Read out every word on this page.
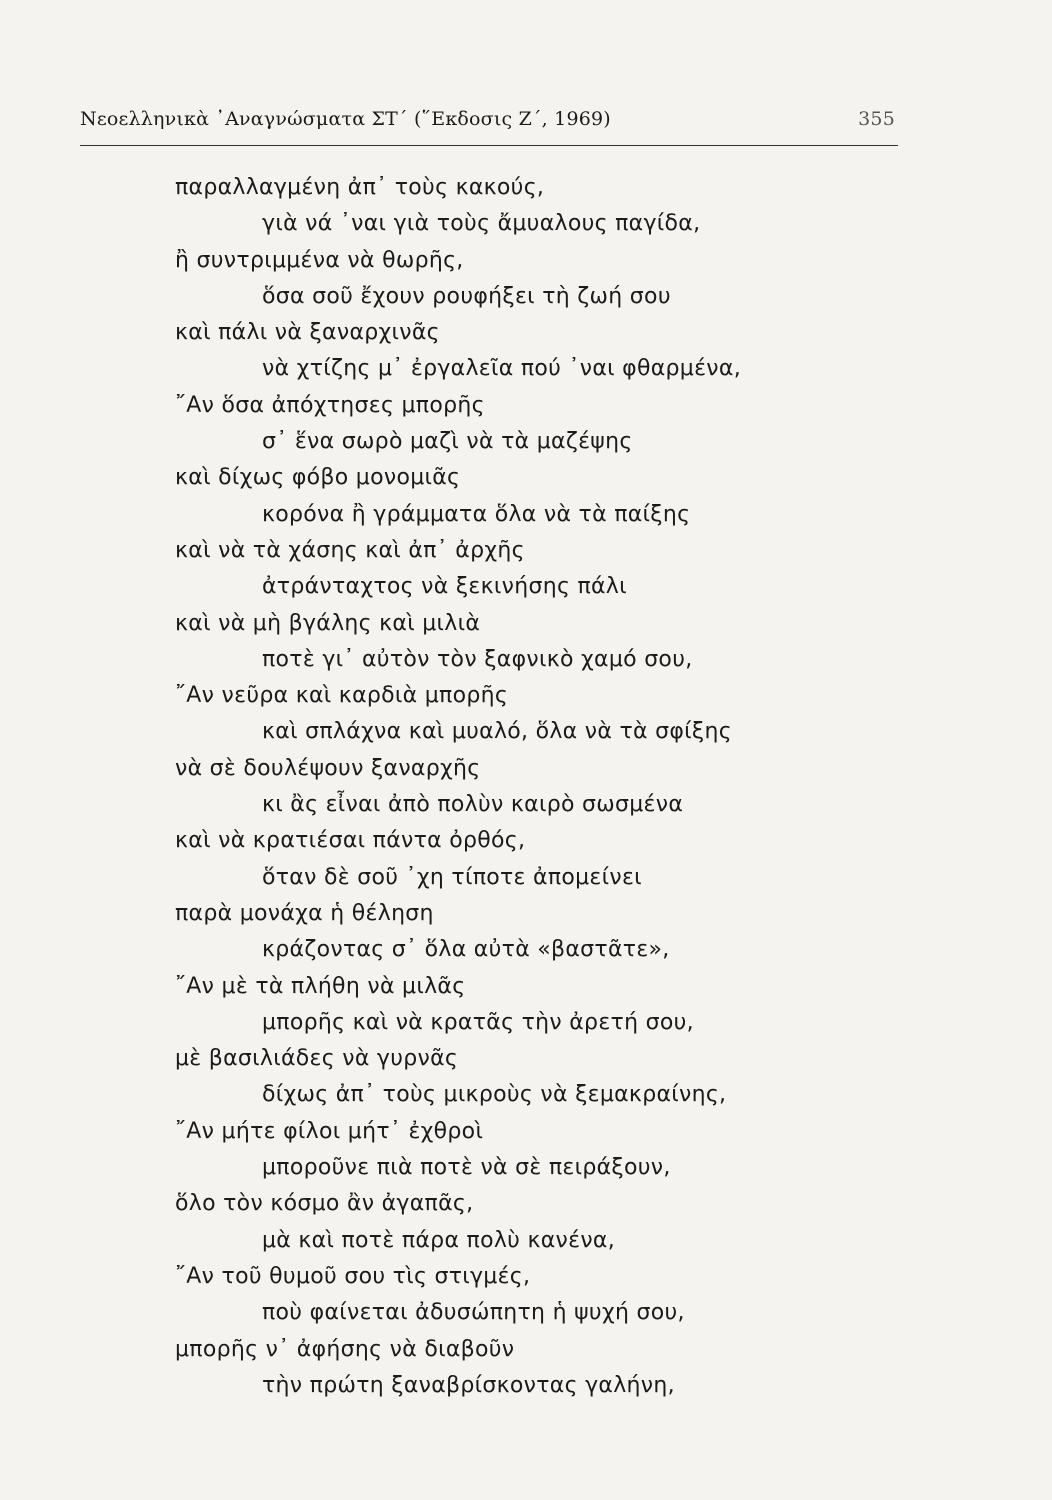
Νεοελληνικὰ ᾿Αναγνώσματα ΣΤ΄ (῞Εκδοσις Ζ΄, 1969)	355
παραλλαγμένη ἀπ᾿ τοὺς κακούς,
γιὰ νά ᾿ναι γιὰ τοὺς ἄμυαλους παγίδα,
ἢ συντριμμένα νὰ θωρῆς,
ὅσα σοῦ ἔχουν ρουφήξει τὴ ζωή σου
καὶ πάλι νὰ ξαναρχινᾶς
νὰ χτίζης μ᾿ ἐργαλεῖα πού ᾿ναι φθαρμένα,
῎Αν ὅσα ἀπόχτησες μπορῆς
σ᾿ ἕνα σωρὸ μαζὶ νὰ τὰ μαζέψης
καὶ δίχως φόβο μονομιᾶς
κορόνα ἢ γράμματα ὅλα νὰ τὰ παίξης
καὶ νὰ τὰ χάσης καὶ ἀπ᾿ ἀρχῆς
ἀτράνταχτος νὰ ξεκινήσης πάλι
καὶ νὰ μὴ βγάλης καὶ μιλιὰ
ποτὲ γι᾿ αὐτὸν τὸν ξαφνικὸ χαμό σου,
῎Αν νεῦρα καὶ καρδιὰ μπορῆς
καὶ σπλάχνα καὶ μυαλό, ὅλα νὰ τὰ σφίξης
νὰ σὲ δουλέψουν ξαναρχῆς
κι ἂς εἶναι ἀπὸ πολὺν καιρὸ σωσμένα
καὶ νὰ κρατιέσαι πάντα ὀρθός,
ὅταν δὲ σοῦ ᾿χη τίποτε ἀπομείνει
παρὰ μονάχα ἡ θέληση
κράζοντας σ᾿ ὅλα αὐτὰ «βαστᾶτε»,
῎Αν μὲ τὰ πλήθη νὰ μιλᾶς
μπορῆς καὶ νὰ κρατᾶς τὴν ἀρετή σου,
μὲ βασιλιάδες νὰ γυρνᾶς
δίχως ἀπ᾿ τοὺς μικροὺς νὰ ξεμακραίνης,
῎Αν μήτε φίλοι μήτ᾿ ἐχθροὶ
μποροῦνε πιὰ ποτὲ νὰ σὲ πειράξουν,
ὅλο τὸν κόσμο ἂν ἀγαπᾶς,
μὰ καὶ ποτὲ πάρα πολὺ κανένα,
῎Αν τοῦ θυμοῦ σου τὶς στιγμές,
ποὺ φαίνεται ἀδυσώπητη ἡ ψυχή σου,
μπορῆς ν᾿ ἀφήσης νὰ διαβοῦν
τὴν πρώτη ξαναβρίσκοντας γαλήνη,
